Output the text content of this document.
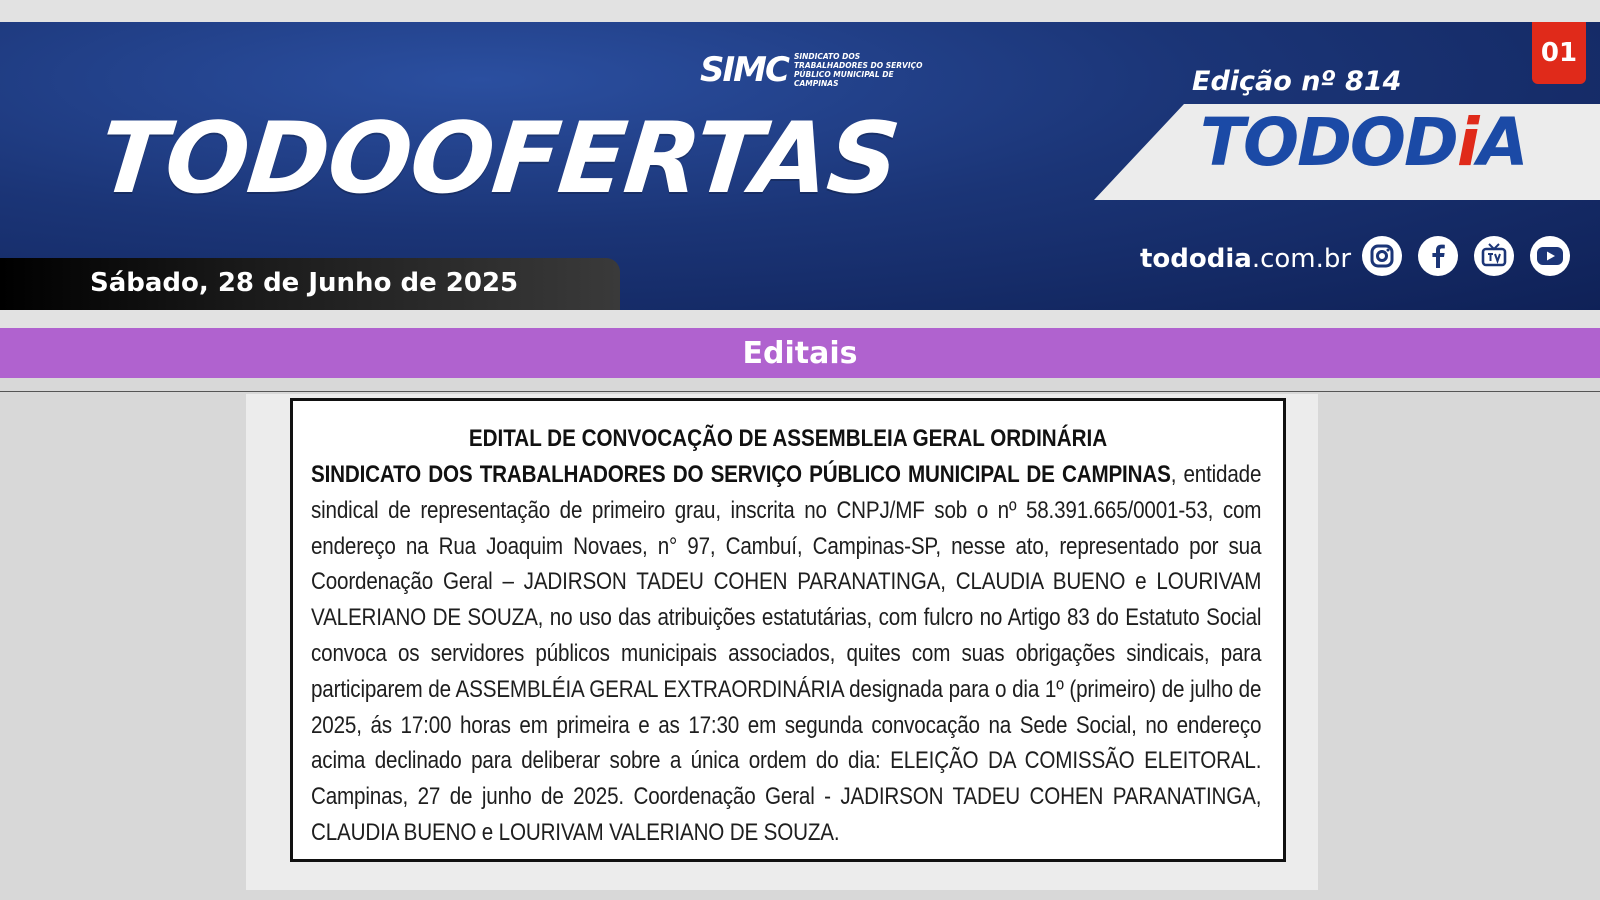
SIMC SINDICATO DOS TRABALHADORES DO SERVIÇO PÚBLICO MUNICIPAL DE CAMPINAS
TODOOFERTAS
01
Edição nº 814
TODODiA
tododia.com.br
Sábado, 28 de Junho de 2025
Editais
EDITAL DE CONVOCAÇÃO DE ASSEMBLEIA GERAL ORDINÁRIA
SINDICATO DOS TRABALHADORES DO SERVIÇO PÚBLICO MUNICIPAL DE CAMPINAS, entidade sindical de representação de primeiro grau, inscrita no CNPJ/MF sob o nº 58.391.665/0001-53, com endereço na Rua Joaquim Novaes, n° 97, Cambuí, Campinas-SP, nesse ato, representado por sua Coordenação Geral – JADIRSON TADEU COHEN PARANATINGA, CLAUDIA BUENO e LOURIVAM VALERIANO DE SOUZA, no uso das atribuições estatutárias, com fulcro no Artigo 83 do Estatuto Social convoca os servidores públicos municipais associados, quites com suas obrigações sindicais, para participarem de ASSEMBLÉIA GERAL EXTRAORDINÁRIA designada para o dia 1º (primeiro) de julho de 2025, ás 17:00 horas em primeira e as 17:30 em segunda convocação na Sede Social, no endereço acima declinado para deliberar sobre a única ordem do dia: ELEIÇÃO DA COMISSÃO ELEITORAL. Campinas, 27 de junho de 2025. Coordenação Geral - JADIRSON TADEU COHEN PARANATINGA, CLAUDIA BUENO e LOURIVAM VALERIANO DE SOUZA.
